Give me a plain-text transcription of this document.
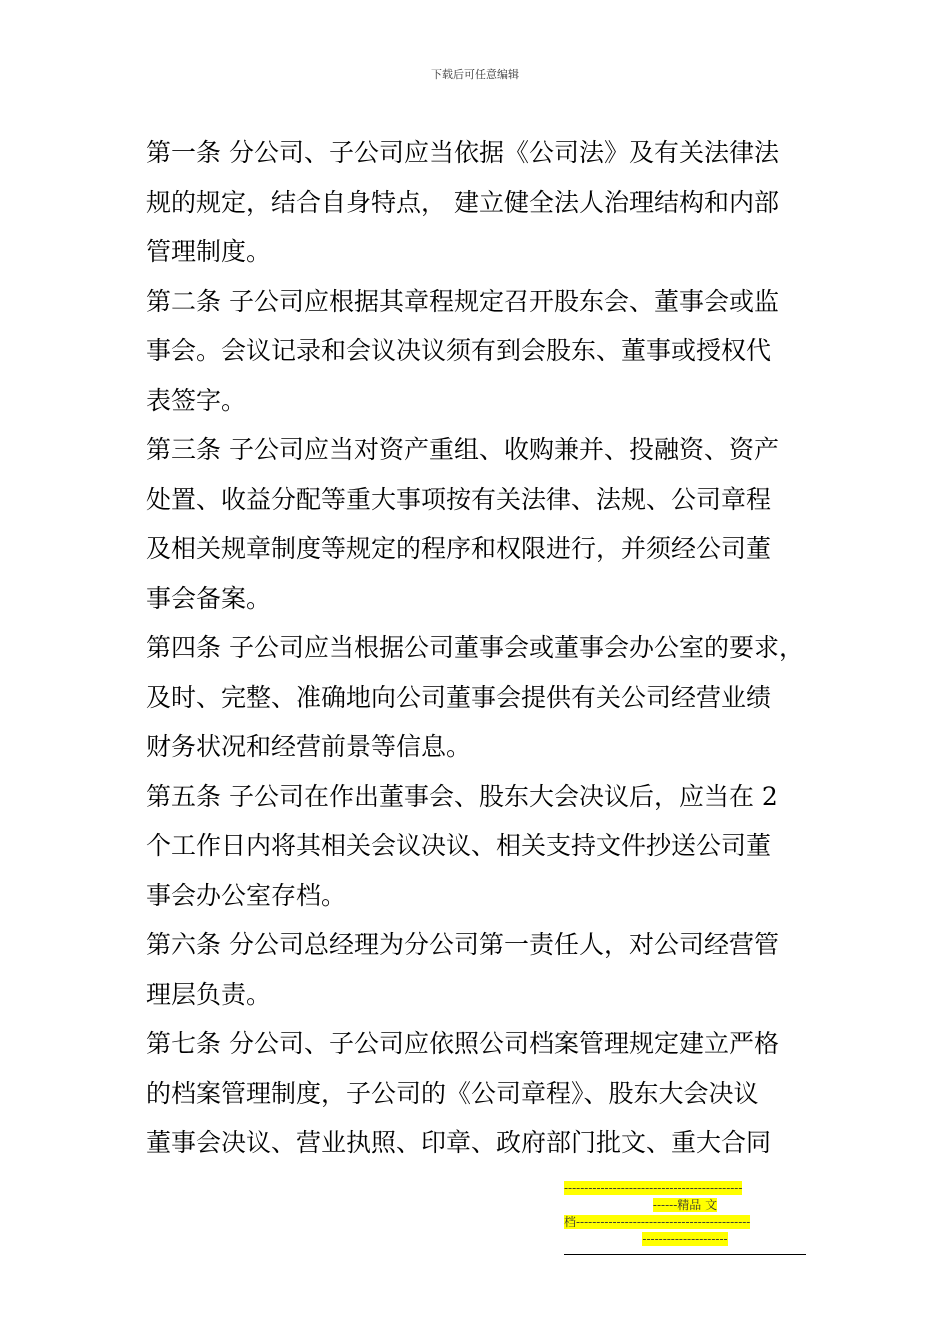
下载后可任意编辑
第一条 分公司、子公司应当依据《公司法》及有关法律法
规的规定，结合自身特点， 建立健全法人治理结构和内部
管理制度。
第二条 子公司应根据其章程规定召开股东会、董事会或监
事会。会议记录和会议决议须有到会股东、董事或授权代
表签字。
第三条 子公司应当对资产重组、收购兼并、投融资、资产
处置、收益分配等重大事项按有关法律、法规、公司章程
及相关规章制度等规定的程序和权限进行，并须经公司董
事会备案。
第四条 子公司应当根据公司董事会或董事会办公室的要求，
及时、完整、准确地向公司董事会提供有关公司经营业绩
财务状况和经营前景等信息。
第五条 子公司在作出董事会、股东大会决议后，应当在 2
个工作日内将其相关会议决议、相关支持文件抄送公司董
事会办公室存档。
第六条 分公司总经理为分公司第一责任人，对公司经营管
理层负责。
第七条 分公司、子公司应依照公司档案管理规定建立严格
的档案管理制度，子公司的《公司章程》、股东大会决议
董事会决议、营业执照、印章、政府部门批文、重大合同
--------------------------------------------
------精品 文
档-------------------------------------------
---------------------
